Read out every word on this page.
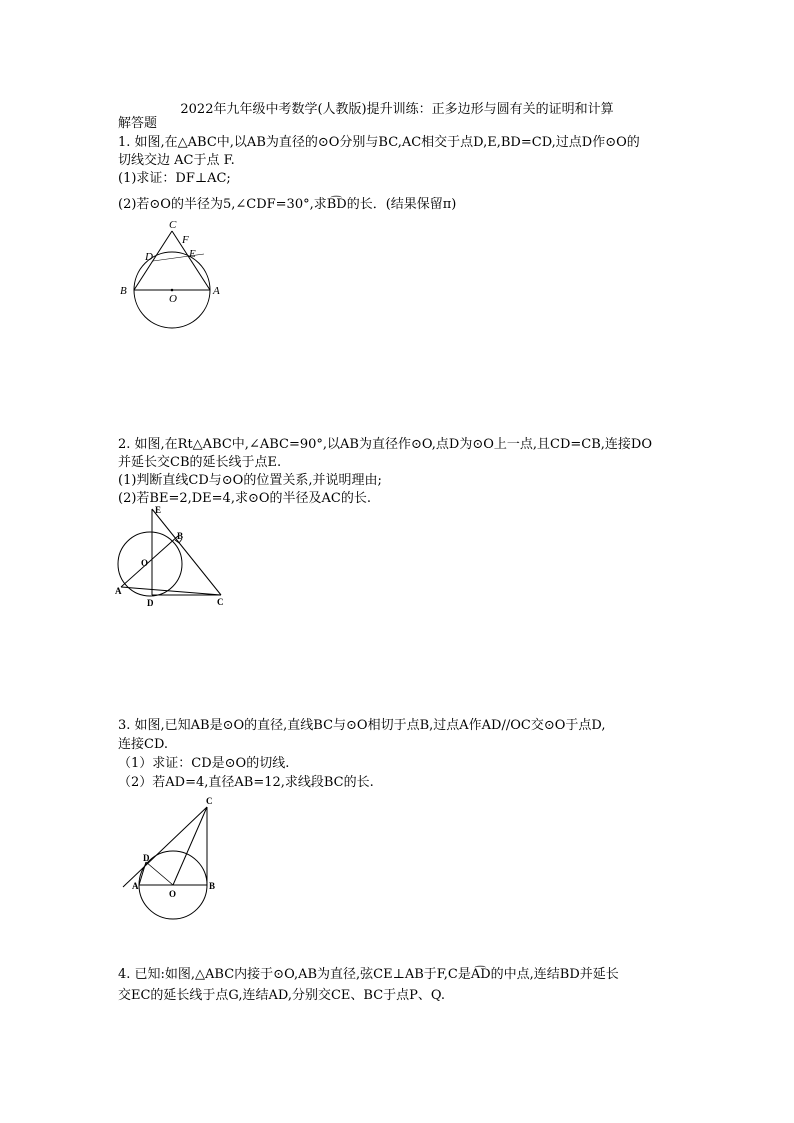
2022年九年级中考数学(人教版)提升训练：正多边形与圆有关的证明和计算
解答题
1. 如图,在△ABC中,以AB为直径的⊙O分别与BC,AC相交于点D,E,BD=CD,过点D作⊙O的
切线交边 AC于点 F.
(1)求证：DF⊥AC;
(2)若⊙O的半径为5,∠CDF=30°,求B͡D的长．(结果保留π)
B	A
C
D	E
F
O
2. 如图,在Rt△ABC中,∠ABC=90°,以AB为直径作⊙O,点D为⊙O上一点,且CD=CB,连接DO
并延长交CB的延长线于点E.
(1)判断直线CD与⊙O的位置关系,并说明理由;
(2)若BE=2,DE=4,求⊙O的半径及AC的长.
E
B
O
A
D	C
3. 如图,已知AB是⊙O的直径,直线BC与⊙O相切于点B,过点A作AD//OC交⊙O于点D,
连接CD.
（1）求证：CD是⊙O的切线.
（2）若AD=4,直径AB=12,求线段BC的长.
C
D
A	B
O
4. 已知:如图,△ABC内接于⊙O,AB为直径,弦CE⊥AB于F,C是A͡D的中点,连结BD并延长
交EC的延长线于点G,连结AD,分别交CE、BC于点P、Q.
